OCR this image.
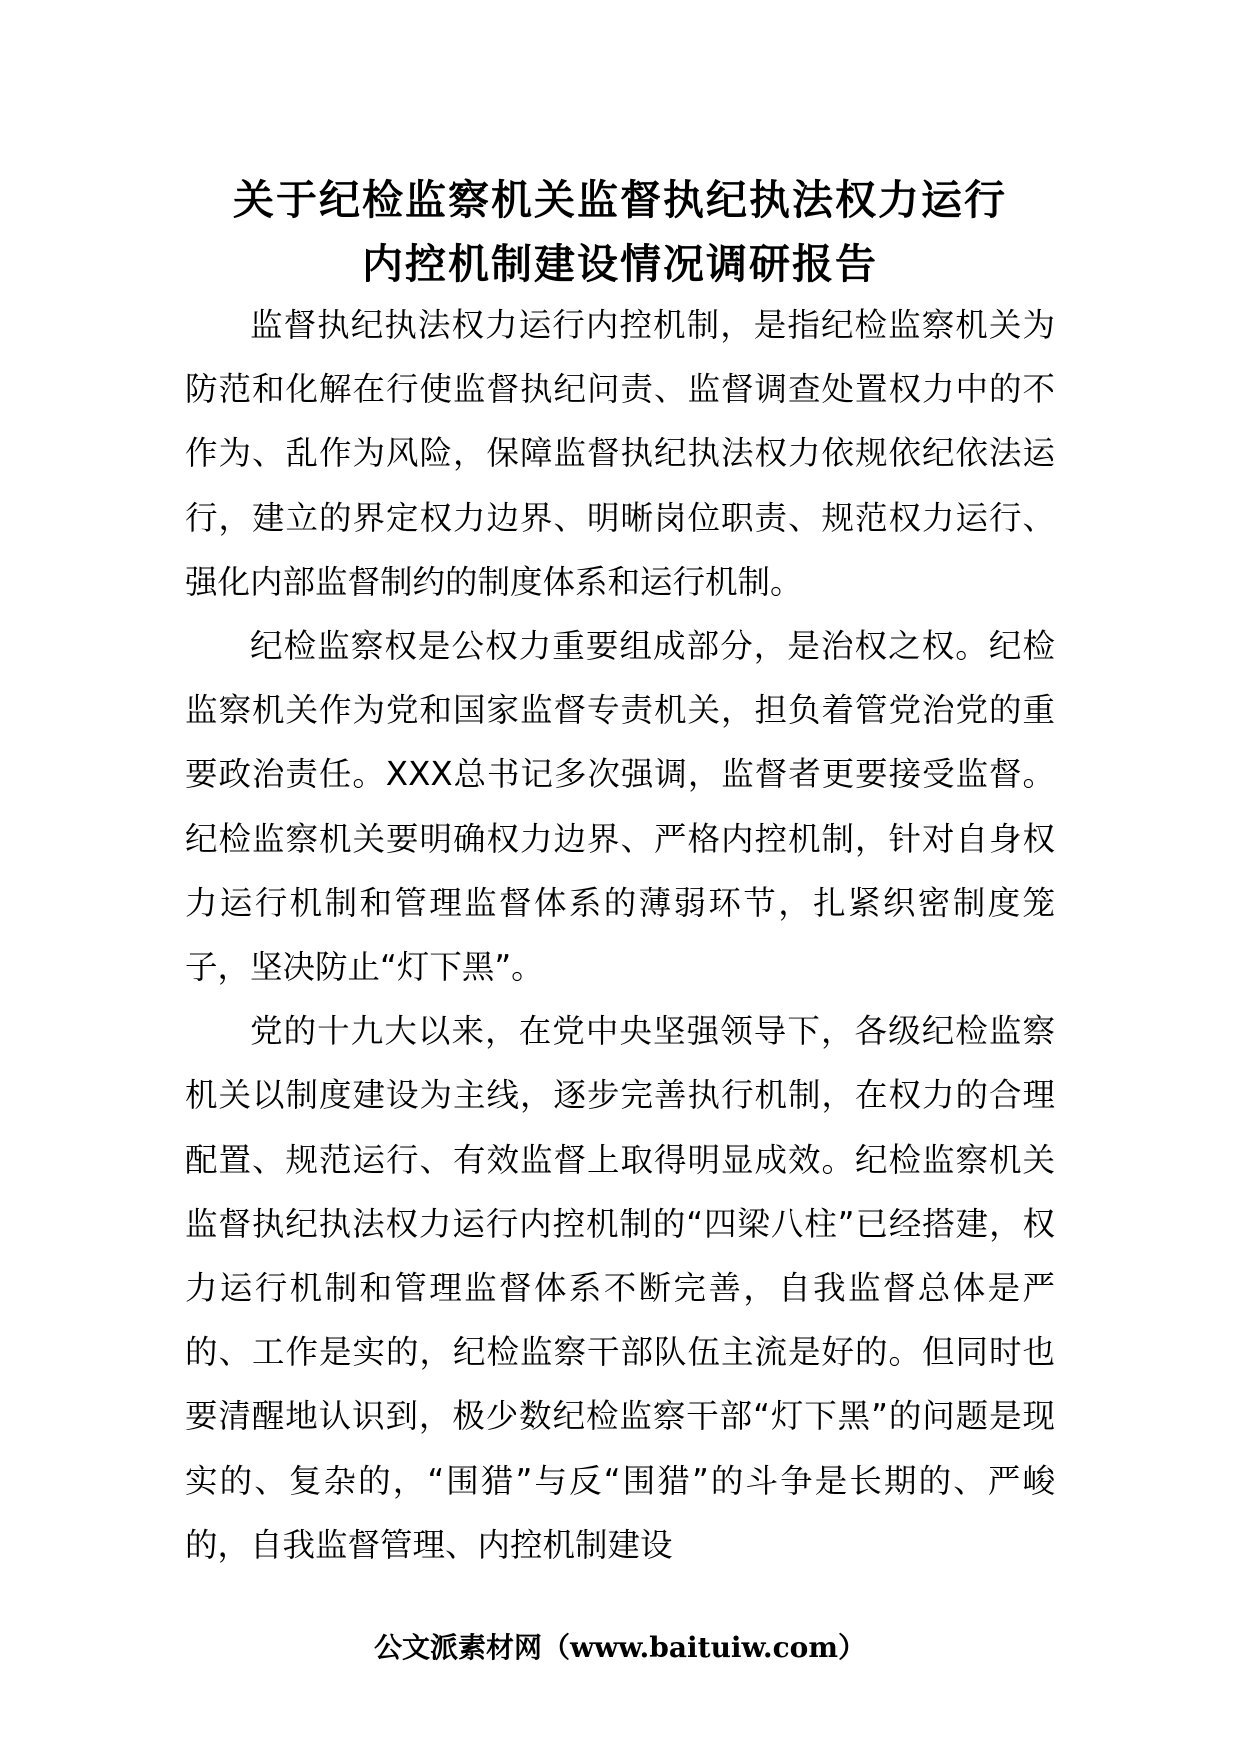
关于纪检监察机关监督执纪执法权力运行
内控机制建设情况调研报告

监督执纪执法权力运行内控机制，是指纪检监察机关为防范和化解在行使监督执纪问责、监督调查处置权力中的不作为、乱作为风险，保障监督执纪执法权力依规依纪依法运行，建立的界定权力边界、明晰岗位职责、规范权力运行、强化内部监督制约的制度体系和运行机制。

纪检监察权是公权力重要组成部分，是治权之权。纪检监察机关作为党和国家监督专责机关，担负着管党治党的重要政治责任。XXX总书记多次强调，监督者更要接受监督。纪检监察机关要明确权力边界、严格内控机制，针对自身权力运行机制和管理监督体系的薄弱环节，扎紧织密制度笼子，坚决防止“灯下黑”。

党的十九大以来，在党中央坚强领导下，各级纪检监察机关以制度建设为主线，逐步完善执行机制，在权力的合理配置、规范运行、有效监督上取得明显成效。纪检监察机关监督执纪执法权力运行内控机制的“四梁八柱”已经搭建，权力运行机制和管理监督体系不断完善，自我监督总体是严的、工作是实的，纪检监察干部队伍主流是好的。但同时也要清醒地认识到，极少数纪检监察干部“灯下黑”的问题是现实的、复杂的，“围猎”与反“围猎”的斗争是长期的、严峻的，自我监督管理、内控机制建设

公文派素材网（www.baituiw.com）
